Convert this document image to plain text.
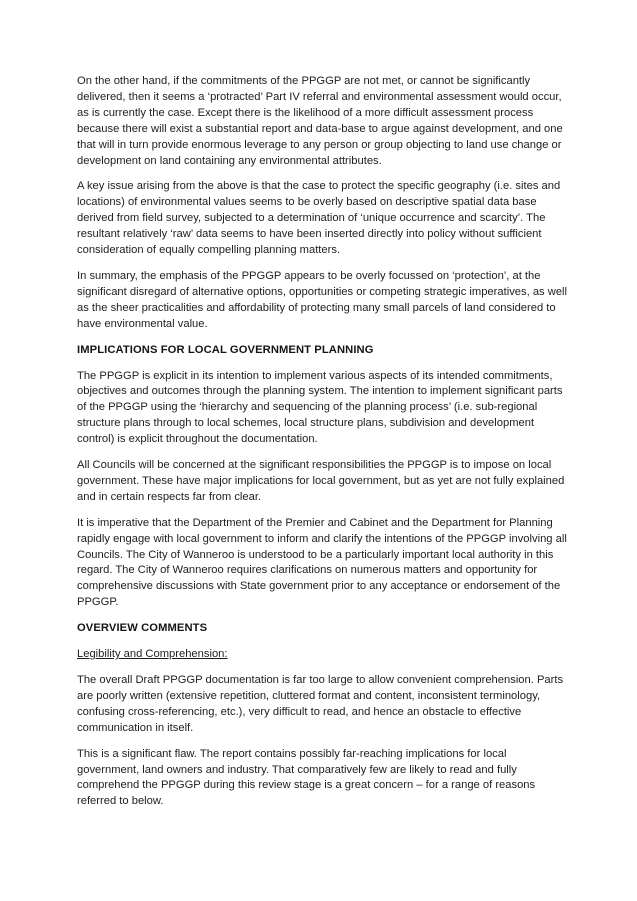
On the other hand, if the commitments of the PPGGP are not met, or cannot be significantly delivered, then it seems a ‘protracted’ Part IV referral and environmental assessment would occur, as is currently the case. Except there is the likelihood of a more difficult assessment process because there will exist a substantial report and data-base to argue against development, and one that will in turn provide enormous leverage to any person or group objecting to land use change or development on land containing any environmental attributes.

A key issue arising from the above is that the case to protect the specific geography (i.e. sites and locations) of environmental values seems to be overly based on descriptive spatial data base derived from field survey, subjected to a determination of ‘unique occurrence and scarcity’. The resultant relatively ‘raw’ data seems to have been inserted directly into policy without sufficient consideration of equally compelling planning matters.

In summary, the emphasis of the PPGGP appears to be overly focussed on ‘protection’, at the significant disregard of alternative options, opportunities or competing strategic imperatives, as well as the sheer practicalities and affordability of protecting many small parcels of land considered to have environmental value.

IMPLICATIONS FOR LOCAL GOVERNMENT PLANNING

The PPGGP is explicit in its intention to implement various aspects of its intended commitments, objectives and outcomes through the planning system. The intention to implement significant parts of the PPGGP using the ‘hierarchy and sequencing of the planning process’ (i.e. sub-regional structure plans through to local schemes, local structure plans, subdivision and development control) is explicit throughout the documentation.

All Councils will be concerned at the significant responsibilities the PPGGP is to impose on local government. These have major implications for local government, but as yet are not fully explained and in certain respects far from clear.

It is imperative that the Department of the Premier and Cabinet and the Department for Planning rapidly engage with local government to inform and clarify the intentions of the PPGGP involving all Councils. The City of Wanneroo is understood to be a particularly important local authority in this regard. The City of Wanneroo requires clarifications on numerous matters and opportunity for comprehensive discussions with State government prior to any acceptance or endorsement of the PPGGP.

OVERVIEW COMMENTS

Legibility and Comprehension:

The overall Draft PPGGP documentation is far too large to allow convenient comprehension. Parts are poorly written (extensive repetition, cluttered format and content, inconsistent terminology, confusing cross-referencing, etc.), very difficult to read, and hence an obstacle to effective communication in itself.

This is a significant flaw. The report contains possibly far-reaching implications for local government, land owners and industry. That comparatively few are likely to read and fully comprehend the PPGGP during this review stage is a great concern – for a range of reasons referred to below.
